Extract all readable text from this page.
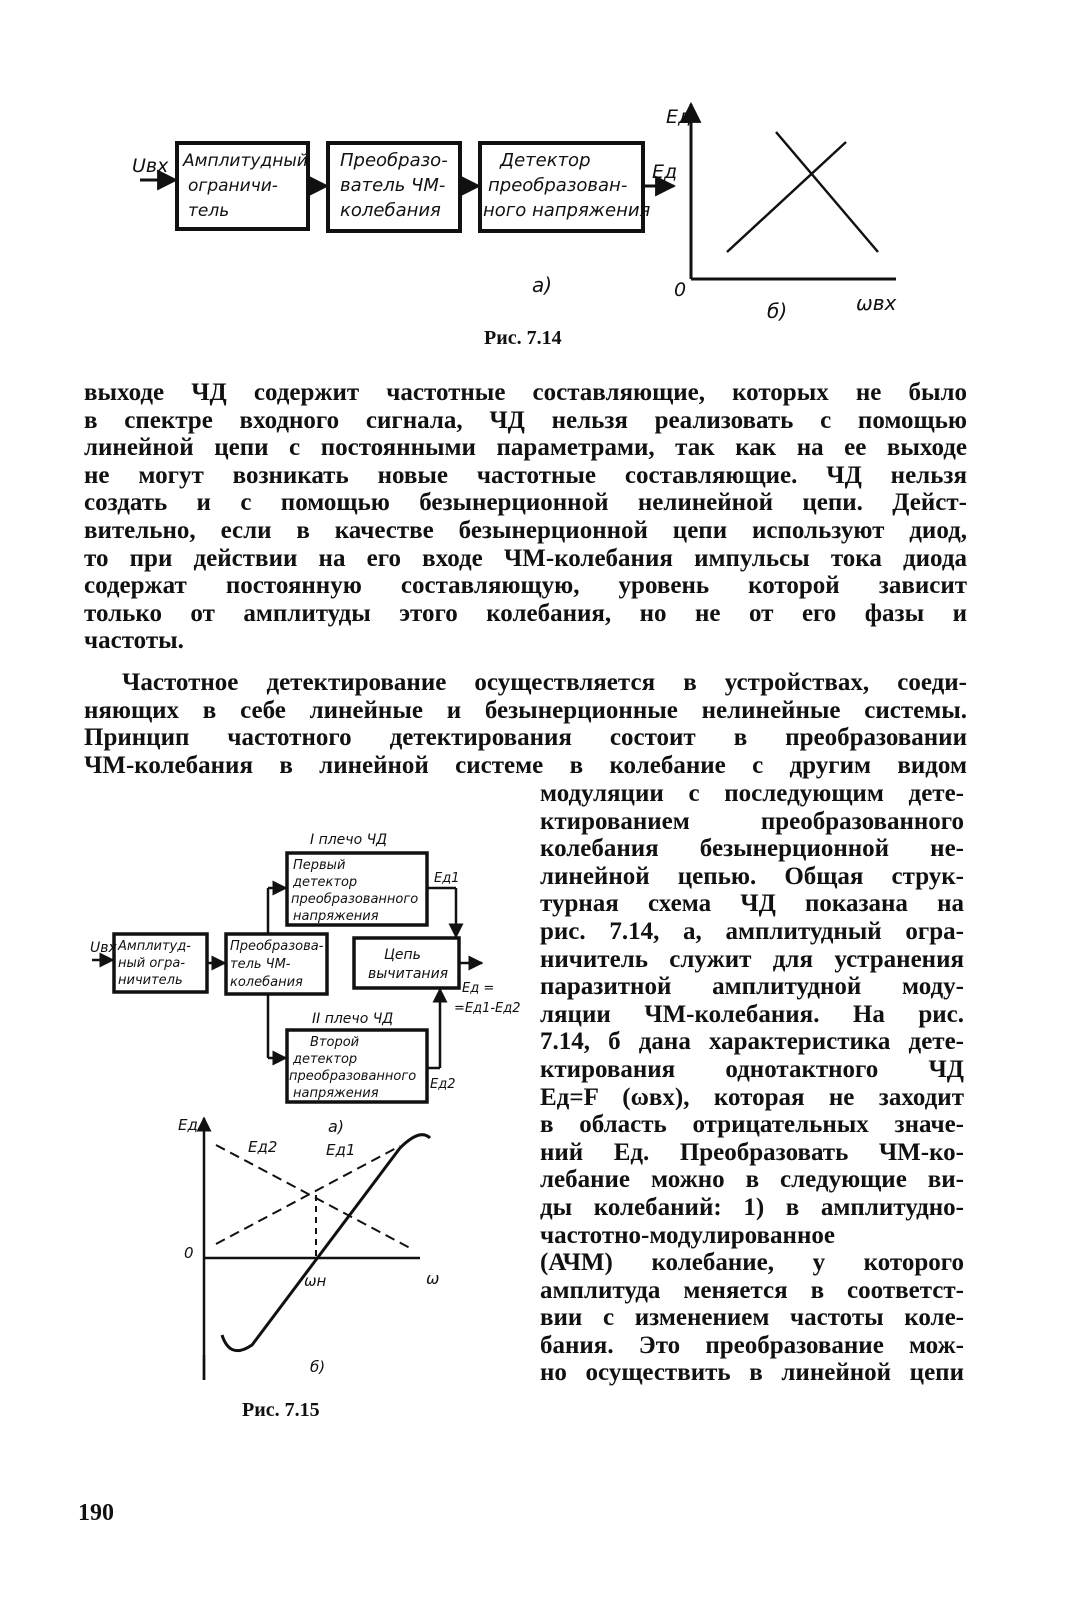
Uвх Амплитудный ограничи-тель
Преобразо-ватель ЧМ-колебания
Детектор преобразован-ного напряжения
Eд
а)
Eд
0
б)	ωвх
Рис. 7.14
выходе ЧД содержит частотные составляющие, которых не было
в спектре входного сигнала, ЧД нельзя реализовать с помощью
линейной цепи с постоянными параметрами, так как на ее выходе
не могут возникать новые частотные составляющие. ЧД нельзя
создать и с помощью безынерционной нелинейной цепи. Дейст-
вительно, если в качестве безынерционной цепи используют диод,
то при действии на его входе ЧМ-колебания импульсы тока диода
содержат постоянную составляющую, уровень которой зависит
только от амплитуды этого колебания, но не от его фазы и
частоты.
Частотное детектирование осуществляется в устройствах, соеди-
няющих в себе линейные и безынерционные нелинейные системы.
Принцип частотного детектирования состоит в преобразовании
ЧМ-колебания в линейной системе в колебание с другим видом
модуляции с последующим дете-
ктированием преобразованного
колебания безынерционной не-
линейной цепью. Общая струк-
турная схема ЧД показана на
рис. 7.14, а, амплитудный огра-
ничитель служит для устранения
паразитной амплитудной моду-
ляции ЧМ-колебания. На рис.
7.14, б дана характеристика дете-
ктирования однотактного ЧД
Eд=F (ωвх), которая не заходит
в область отрицательных значе-
ний Eд. Преобразовать ЧМ-ко-
лебание можно в следующие ви-
ды колебаний: 1) в амплитудно-
частотно-модулированное
(АЧМ) колебание, у которого
амплитуда меняется в соответст-
вии с изменением частоты коле-
бания. Это преобразование мож-
но осуществить в линейной цепи
Uвх Амплитуд-ный огра-ничитель
Преобразова-тель ЧМ-колебания
I плечо ЧД
Первый детектор преобразованного напряжения
Eд1
Цепь вычитания
Eд = =Eд1-Eд2
II плечо ЧД
Второй детектор преобразованного напряжения
Eд2
а)
Eд
Eд2	Eд1
0
ωн	ω
б)
Рис. 7.15
190
